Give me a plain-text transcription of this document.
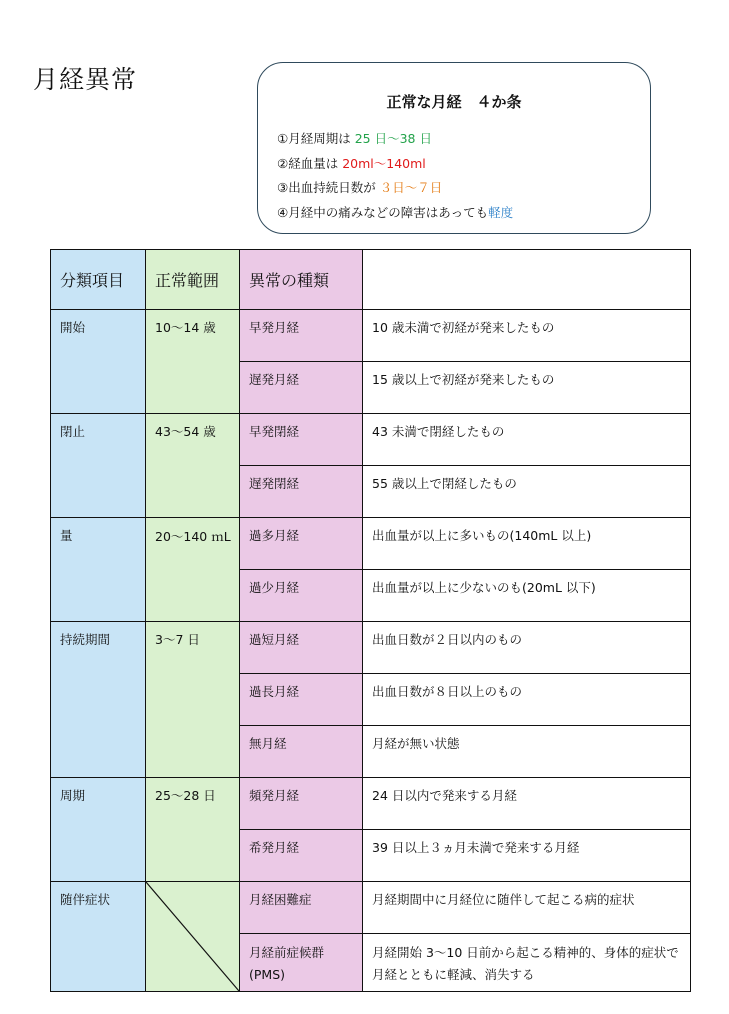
月経異常
正常な月経　４か条
①月経周期は 25 日～38 日
②経血量は 20ml～140ml
③出血持続日数が ３日～７日
④月経中の痛みなどの障害はあっても軽度
分類項目	正常範囲	異常の種類	
開始	10～14 歳	早発月経	10 歳未満で初経が発来したもの
		遅発月経	15 歳以上で初経が発来したもの
閉止	43～54 歳	早発閉経	43 未満で閉経したもの
		遅発閉経	55 歳以上で閉経したもの
量	20～140 ｍL	過多月経	出血量が以上に多いもの(140mL 以上)
		過少月経	出血量が以上に少ないのも(20mL 以下)
持続期間	3～7 日	過短月経	出血日数が２日以内のもの
		過長月経	出血日数が８日以上のもの
		無月経	月経が無い状態
周期	25～28 日	頻発月経	24 日以内で発来する月経
		希発月経	39 日以上３ヵ月未満で発来する月経
随伴症状		月経困難症	月経期間中に月経位に随伴して起こる病的症状

		月経前症候群(PMS)	月経開始 3～10 日前から起こる精神的、身体的症状で月経とともに軽減、消失する
